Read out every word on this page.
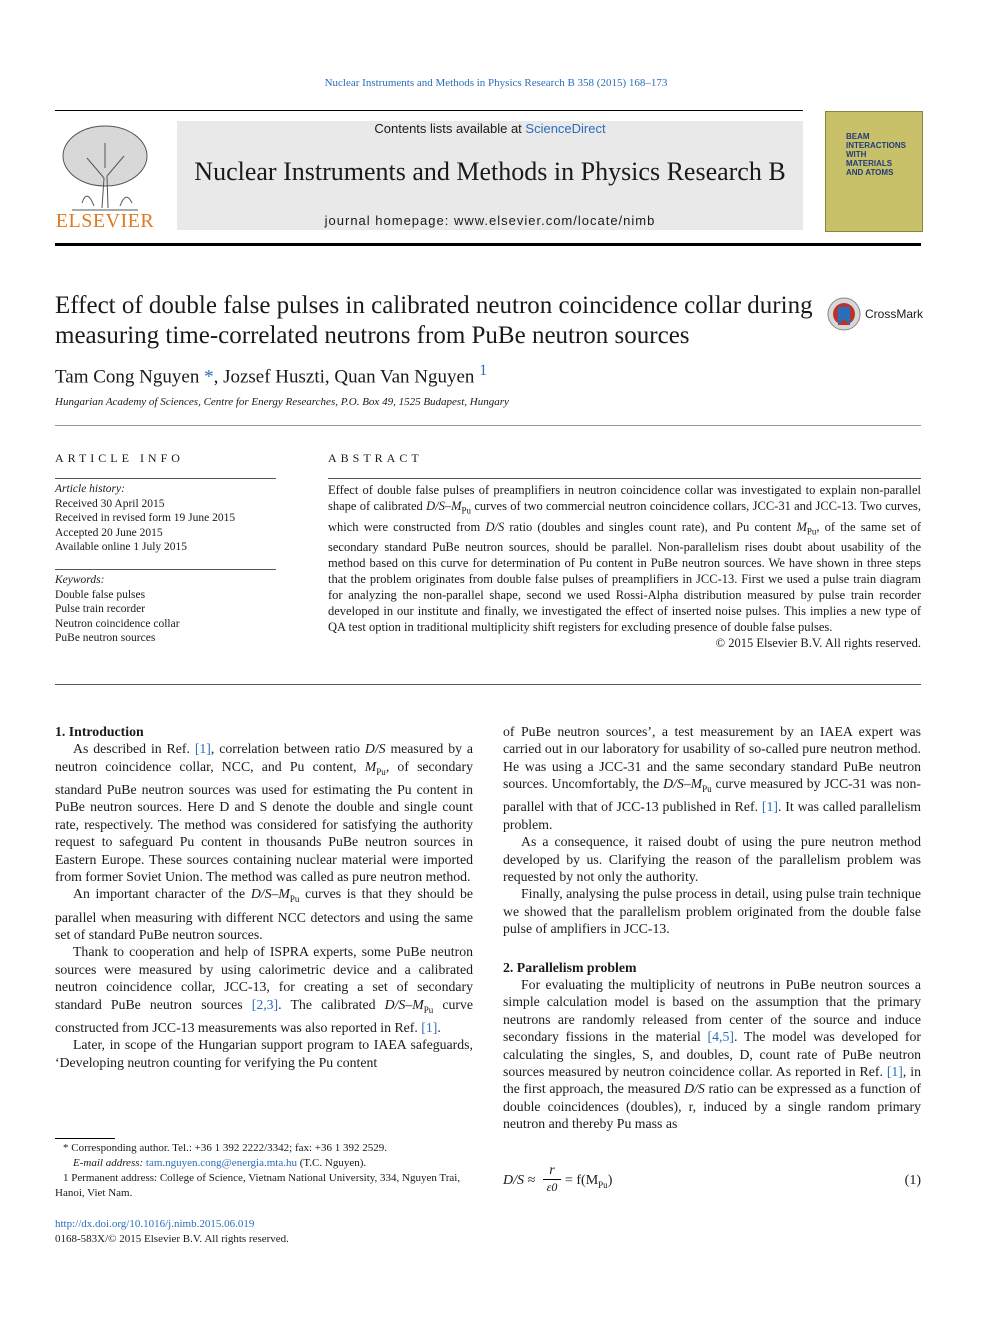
Nuclear Instruments and Methods in Physics Research B 358 (2015) 168–173
ELSEVIER
Contents lists available at ScienceDirect
Nuclear Instruments and Methods in Physics Research B
journal homepage: www.elsevier.com/locate/nimb
BEAM INTERACTIONS WITH MATERIALS AND ATOMS
Effect of double false pulses in calibrated neutron coincidence collar during measuring time-correlated neutrons from PuBe neutron sources
CrossMark
Tam Cong Nguyen *, Jozsef Huszti, Quan Van Nguyen $^1$
Hungarian Academy of Sciences, Centre for Energy Researches, P.O. Box 49, 1525 Budapest, Hungary
ARTICLE INFO	ABSTRACT
Article history:
Received 30 April 2015
Received in revised form 19 June 2015
Accepted 20 June 2015
Available online 1 July 2015
Keywords:
Double false pulses
Pulse train recorder
Neutron coincidence collar
PuBe neutron sources
Effect of double false pulses of preamplifiers in neutron coincidence collar was investigated to explain non-parallel shape of calibrated $D/S-M_{Pu}$ curves of two commercial neutron coincidence collars, JCC-31 and JCC-13. Two curves, which were constructed from D/S ratio (doubles and singles count rate), and Pu content $M_{Pu}$, of the same set of secondary standard PuBe neutron sources, should be parallel. Non-parallelism rises doubt about usability of the method based on this curve for determination of Pu content in PuBe neutron sources. We have shown in three steps that the problem originates from double false pulses of preamplifiers in JCC-13. First we used a pulse train diagram for analyzing the non-parallel shape, second we used Rossi-Alpha distribution measured by pulse train recorder developed in our institute and finally, we investigated the effect of inserted noise pulses. This implies a new type of QA test option in traditional multiplicity shift registers for excluding presence of double false pulses.
© 2015 Elsevier B.V. All rights reserved.
1. Introduction

As described in Ref. [1], correlation between ratio D/S measured by a neutron coincidence collar, NCC, and Pu content, $M_{Pu}$, of secondary standard PuBe neutron sources was used for estimating the Pu content in PuBe neutron sources. Here D and S denote the double and single count rate, respectively. The method was considered for satisfying the authority request to safeguard Pu content in thousands PuBe neutron sources in Eastern Europe. These sources containing nuclear material were imported from former Soviet Union. The method was called as pure neutron method.

An important character of the $D/S-M_{Pu}$ curves is that they should be parallel when measuring with different NCC detectors and using the same set of standard PuBe neutron sources.

Thank to cooperation and help of ISPRA experts, some PuBe neutron sources were measured by using calorimetric device and a calibrated neutron coincidence collar, JCC-13, for creating a set of secondary standard PuBe neutron sources [2,3]. The calibrated $D/S-M_{Pu}$ curve constructed from JCC-13 measurements was also reported in Ref. [1].

Later, in scope of the Hungarian support program to IAEA safeguards, ‘Developing neutron counting for verifying the Pu content

of PuBe neutron sources’, a test measurement by an IAEA expert was carried out in our laboratory for usability of so-called pure neutron method. He was using a JCC-31 and the same secondary standard PuBe neutron sources. Uncomfortably, the $D/S-M_{Pu}$ curve measured by JCC-31 was non-parallel with that of JCC-13 published in Ref. [1]. It was called parallelism problem.

As a consequence, it raised doubt of using the pure neutron method developed by us. Clarifying the reason of the parallelism problem was requested by not only the authority.

Finally, analysing the pulse process in detail, using pulse train technique we showed that the parallelism problem originated from the double false pulse of amplifiers in JCC-13.

2. Parallelism problem

For evaluating the multiplicity of neutrons in PuBe neutron sources a simple calculation model is based on the assumption that the primary neutrons are randomly released from center of the source and induce secondary fissions in the material [4,5]. The model was developed for calculating the singles, S, and doubles, D, count rate of PuBe neutron sources measured by neutron coincidence collar. As reported in Ref. [1], in the first approach, the measured D/S ratio can be expressed as a function of double coincidences (doubles), r, induced by a single random primary neutron and thereby Pu mass as

D/S ≈
r
$\varepsilon 0 = f(M_{Pu})$	(1)

* Corresponding author. Tel.: +36 1 392 2222/3342; fax: +36 1 392 2529.

E-mail address: tam.nguyen.cong@energia.mta.hu (T.C. Nguyen).

1 Permanent address: College of Science, Vietnam National University, 334, Nguyen Trai, Hanoi, Viet Nam.

http://dx.doi.org/10.1016/j.nimb.2015.06.019
0168-583X/© 2015 Elsevier B.V. All rights reserved.
